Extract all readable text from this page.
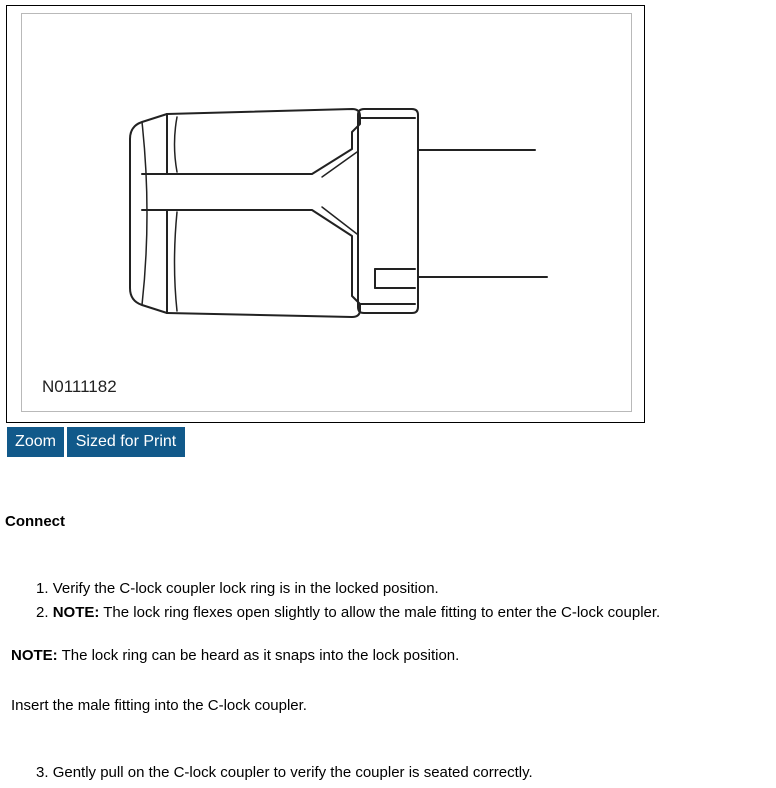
N0111182
Zoom	Sized for Print
Connect
1. Verify the C-lock coupler lock ring is in the locked position.
2. NOTE: The lock ring flexes open slightly to allow the male fitting to enter the C-lock coupler.
NOTE: The lock ring can be heard as it snaps into the lock position.
Insert the male fitting into the C-lock coupler.
3. Gently pull on the C-lock coupler to verify the coupler is seated correctly.
